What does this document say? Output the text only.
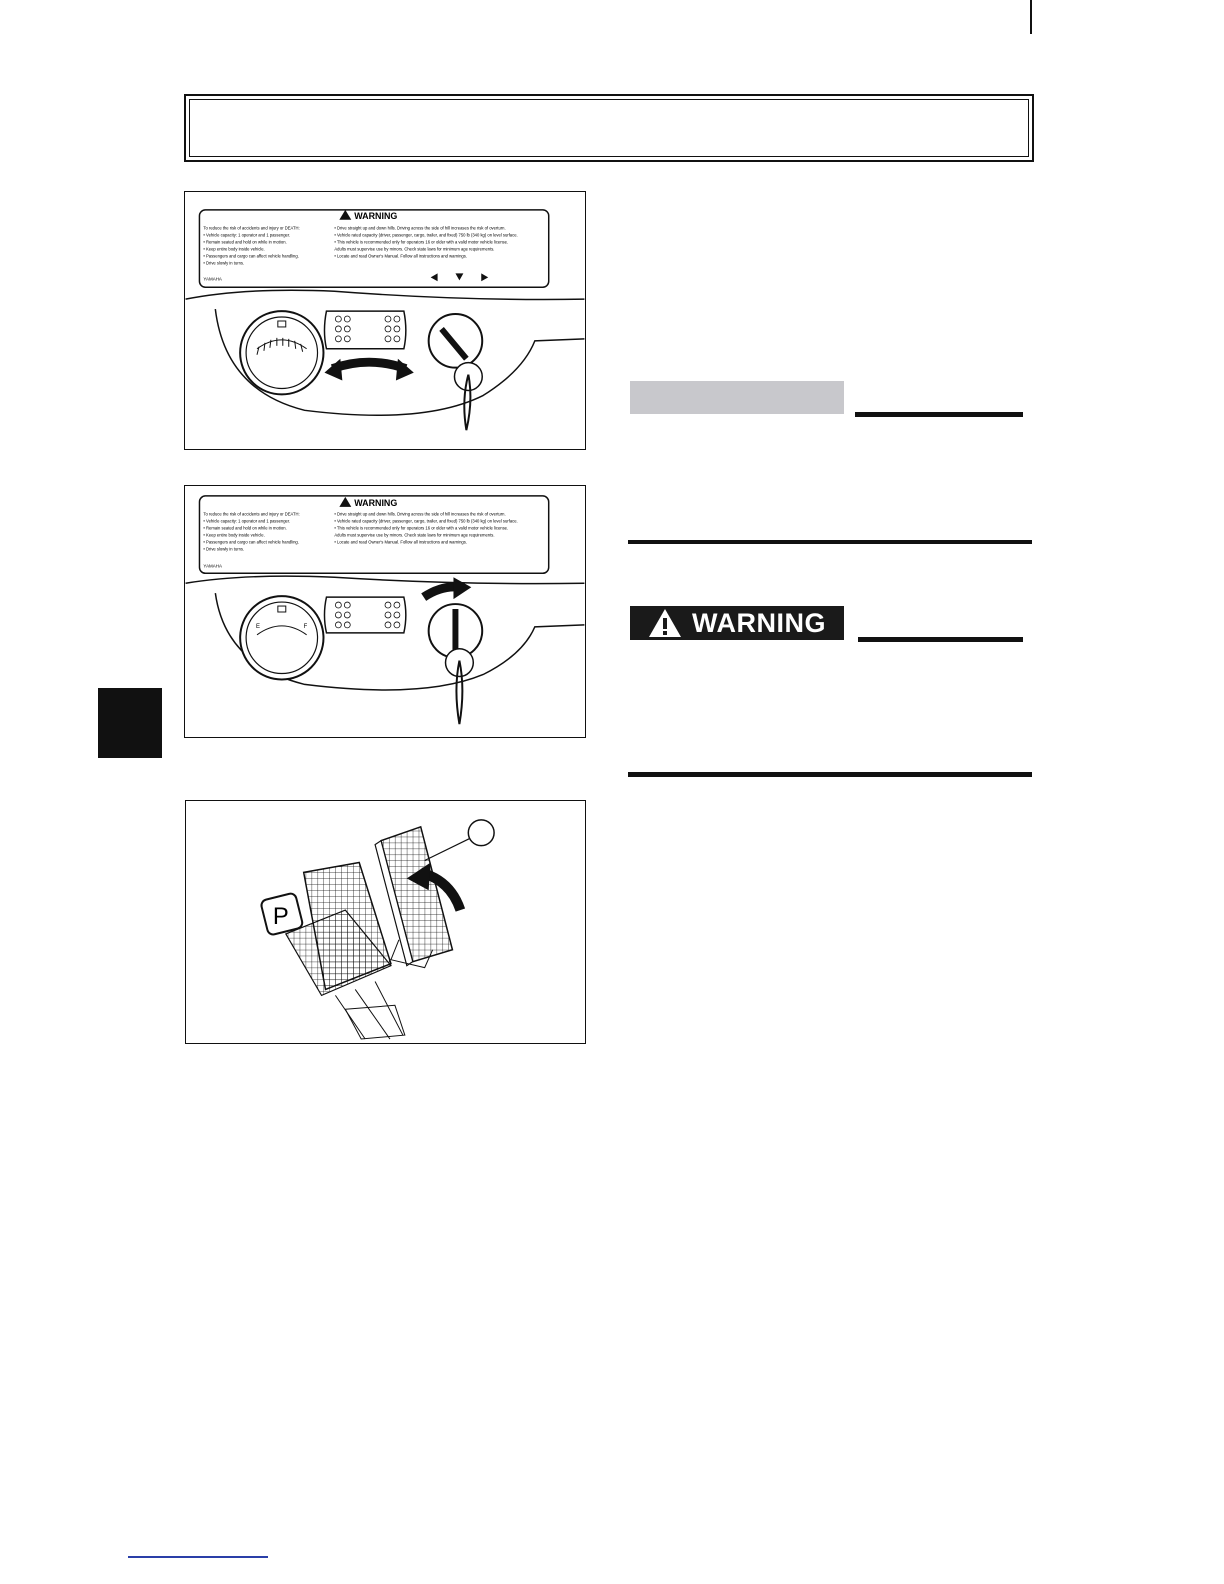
WARNING
To reduce the risk of accidents and injury or DEATH:
• Vehicle capacity: 1 operator and 1 passenger.
• Remain seated and hold on while in motion.
• Keep entire body inside vehicle.
• Passengers and cargo can affect vehicle handling.
• Drive slowly in turns.
• Drive straight up and down hills. Driving across the side of hill increases the risk of overturn.
• Vehicle rated capacity (driver, passenger, cargo, trailer, and fixed) 750 lb (340 kg) on level surface.
• This vehicle is recommended only for operators 16 or older with a valid motor vehicle license.
Adults must supervise use by minors. Check state laws for minimum age requirements.
• Locate and read Owner's Manual. Follow all instructions and warnings.
YAMAHA
WARNING
To reduce the risk of accidents and injury or DEATH:
• Vehicle capacity: 1 operator and 1 passenger.
• Remain seated and hold on while in motion.
• Keep entire body inside vehicle.
• Passengers and cargo can affect vehicle handling.
• Drive slowly in turns.
• Drive straight up and down hills. Driving across the side of hill increases the risk of overturn.
• Vehicle rated capacity (driver, passenger, cargo, trailer, and fixed) 750 lb (340 kg) on level surface.
• This vehicle is recommended only for operators 16 or older with a valid motor vehicle license.
Adults must supervise use by minors. Check state laws for minimum age requirements.
• Locate and read Owner's Manual. Follow all instructions and warnings.
YAMAHA
E	F
P
WARNING
